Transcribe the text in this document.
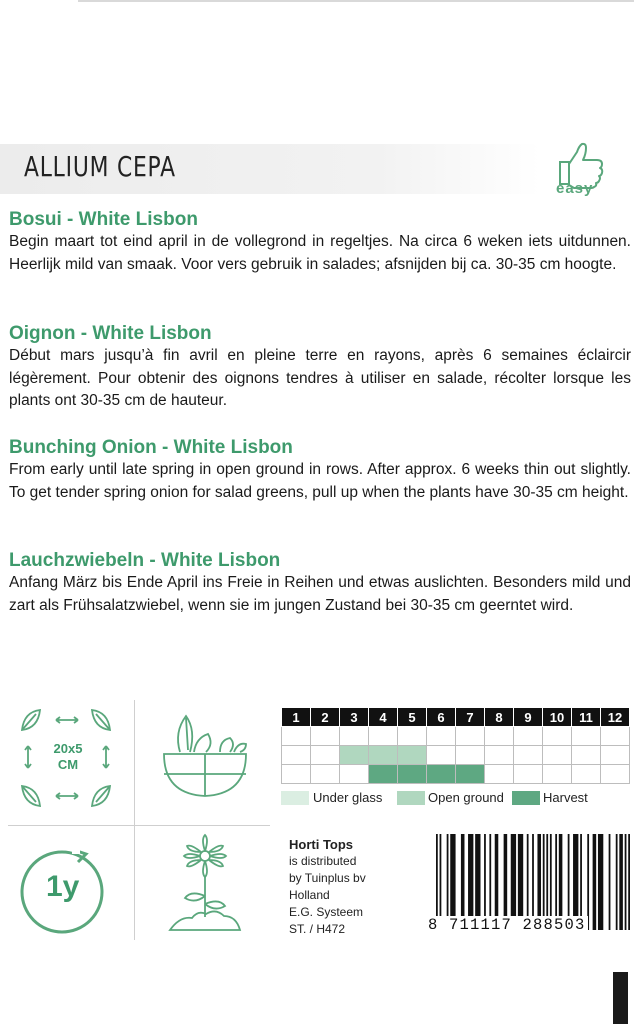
ALLIUM CEPA
easy
Bosui - White Lisbon

Begin maart tot eind april in de vollegrond in regeltjes. Na circa 6 weken iets uitdunnen. Heerlijk mild van smaak. Voor vers gebruik in salades; afsnijden bij ca. 30-35 cm hoogte.

Oignon - White Lisbon

Début mars jusqu’à fin avril en pleine terre en rayons, après 6 semaines éclaircir légèrement. Pour obtenir des oignons tendres à utiliser en salade, récolter lorsque les plants ont 30-35 cm de hauteur.

Bunching Onion - White Lisbon

From early until late spring in open ground in rows. After approx. 6 weeks thin out slightly. To get tender spring onion for salad greens, pull up when the plants have 30-35 cm height.

Lauchzwiebeln - White Lisbon

Anfang März bis Ende April ins Freie in Reihen und etwas auslichten. Besonders mild und zart als Frühsalatzwiebel, wenn sie im jungen Zustand bei 30-35 cm geerntet wird.

20x5 CM
1y
1	2	3	4	5	6	7	8	9	10	11	12

Under glass	Open ground	Harvest
Horti Tops
is distributed
by Tuinplus bv
Holland
E.G. Systeem
ST. / H472	8 711117 288503
